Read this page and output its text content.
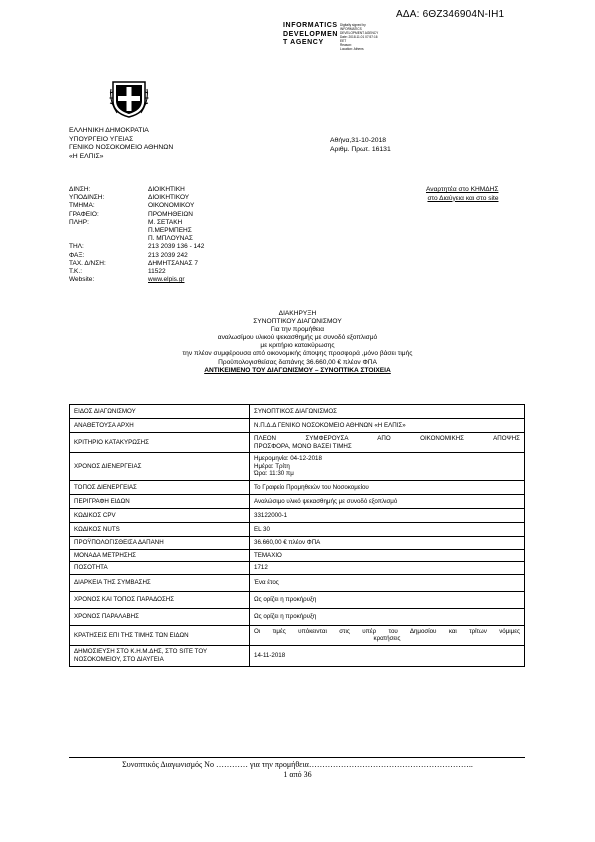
ΑΔΑ: 6ΘΖ346904Ν-ΙΗ1
INFORMATICS
DEVELOPMEN
T AGENCY
Digitally signed by
INFORMATICS
DEVELOPMENT AGENCY
Date: 2018.11.01 07:57:16
EET
Reason:
Location: Athens
ΕΛΛΗΝΙΚΗ ΔΗΜΟΚΡΑΤΙΑ
ΥΠΟΥΡΓΕΙΟ ΥΓΕΙΑΣ
ΓΕΝΙΚΟ ΝΟΣΟΚΟΜΕΙΟ ΑΘΗΝΩΝ
«Η ΕΛΠΙΣ»
Αθήνα,31-10-2018
Αριθμ. Πρωτ. 16131
Αναρτητέα στο ΚΗΜΔΗΣ
στο Διαύγεια και στο site
ΔΙΝΣΗ:	ΔΙΟΙΚΗΤΙΚΗ
ΥΠΟΔΙΝΣΗ:	ΔΙΟΙΚΗΤΙΚΟΥ
ΤΜΗΜΑ:	ΟΙΚΟΝΟΜΙΚΟΥ
ΓΡΑΦΕΙΟ:	ΠΡΟΜΗΘΕΙΩΝ
ΠΛΗΡ:	Μ. ΣΕΤΑΚΗ
	Π.ΜΕΡΜΠΕΗΣ
	Π. ΜΠΛΟΥΝΑΣ
ΤΗΛ:	213 2039 136 - 142
ΦΑΞ:	213 2039 242
ΤΑΧ. Δ/ΝΣΗ:	ΔΗΜΗΤΣΑΝΑΣ 7
Τ.Κ.:	11522
Website:	www.elpis.gr
ΔΙΑΚΗΡΥΞΗ
ΣΥΝΟΠΤΙΚΟΥ ΔΙΑΓΩΝΙΣΜΟΥ
Για την προμήθεια
αναλωσίμου υλικού ψεκασθημής με συνοδό εξοπλισμό
με κριτήριο κατακύρωσης
την πλέον συμφέρουσα από οικονομικής άποψης προσφορά ,μόνο βάσει τιμής
Προϋπολογισθείσας δαπάνης 36.660,00 € πλέον ΦΠΑ
ΑΝΤΙΚΕΙΜΕΝΟ ΤΟΥ ΔΙΑΓΩΝΙΣΜΟΥ – ΣΥΝΟΠΤΙΚΑ ΣΤΟΙΧΕΙΑ
ΕΙΔΟΣ ΔΙΑΓΩΝΙΣΜΟΥ	ΣΥΝΟΠΤΙΚΟΣ ΔΙΑΓΩΝΙΣΜΟΣ

ΑΝΑΘΕΤΟΥΣΑ ΑΡΧΗ	Ν.Π.Δ.Δ ΓΕΝΙΚΟ ΝΟΣΟΚΟΜΕΙΟ ΑΘΗΝΩΝ «Η ΕΛΠΙΣ»

ΚΡΙΤΗΡΙΟ ΚΑΤΑΚΥΡΩΣΗΣ	ΠΛΕΟΝ ΣΥΜΦΕΡΟΥΣΑ ΑΠΟ ΟΙΚΟΝΟΜΙΚΗΣ ΑΠΟΨΗΣ
ΠΡΟΣΦΟΡΑ, ΜΟΝΟ ΒΑΣΕΙ ΤΙΜΗΣ

ΧΡΟΝΟΣ ΔΙΕΝΕΡΓΕΙΑΣ	Ημερομηνία: 04-12-2018
Ημέρα: Τρίτη
Ώρα: 11:30 πμ

ΤΟΠΟΣ ΔΙΕΝΕΡΓΕΙΑΣ	Το Γραφείο Προμηθειών του Νοσοκομείου

ΠΕΡΙΓΡΑΦΗ ΕΙΔΩΝ	Αναλώσιμο υλικό ψεκασθημής με συνοδό εξοπλισμό

ΚΩΔΙΚΟΣ CPV	33122000-1

ΚΩΔΙΚΟΣ NUTS	EL 30

ΠΡΟΫΠΟΛΟΓΙΣΘΕΙΣΑ ΔΑΠΑΝΗ	36.660,00 € πλέον ΦΠΑ

ΜΟΝΑΔΑ ΜΕΤΡΗΣΗΣ	ΤΕΜΑΧΙΟ

ΠΟΣΟΤΗΤΑ	1712

ΔΙΑΡΚΕΙΑ ΤΗΣ ΣΥΜΒΑΣΗΣ	Ένα έτος

ΧΡΟΝΟΣ ΚΑΙ ΤΟΠΟΣ ΠΑΡΑΔΟΣΗΣ	Ως ορίζει η προκήρυξη

ΧΡΟΝΟΣ ΠΑΡΑΛΑΒΗΣ	Ως ορίζει η προκήρυξη

ΚΡΑΤΗΣΕΙΣ ΕΠΙ ΤΗΣ ΤΙΜΗΣ ΤΩΝ ΕΙΔΩΝ	Οι τιμές υπόκεινται στις υπέρ του Δημοσίου και τρίτων νόμιμες
κρατήσεις

ΔΗΜΟΣΙΕΥΣΗ ΣΤΟ Κ.Η.Μ.ΔΗΣ, ΣΤΟ SITE ΤΟΥ ΝΟΣΟΚΟΜΕΙΟΥ, ΣΤΟ ΔΙΑΥΓΕΙΑ	14-11-2018
Συνοπτικός Διαγωνισμός Νο ………… για την προμήθεια……………………………………………………..
1 από 36
